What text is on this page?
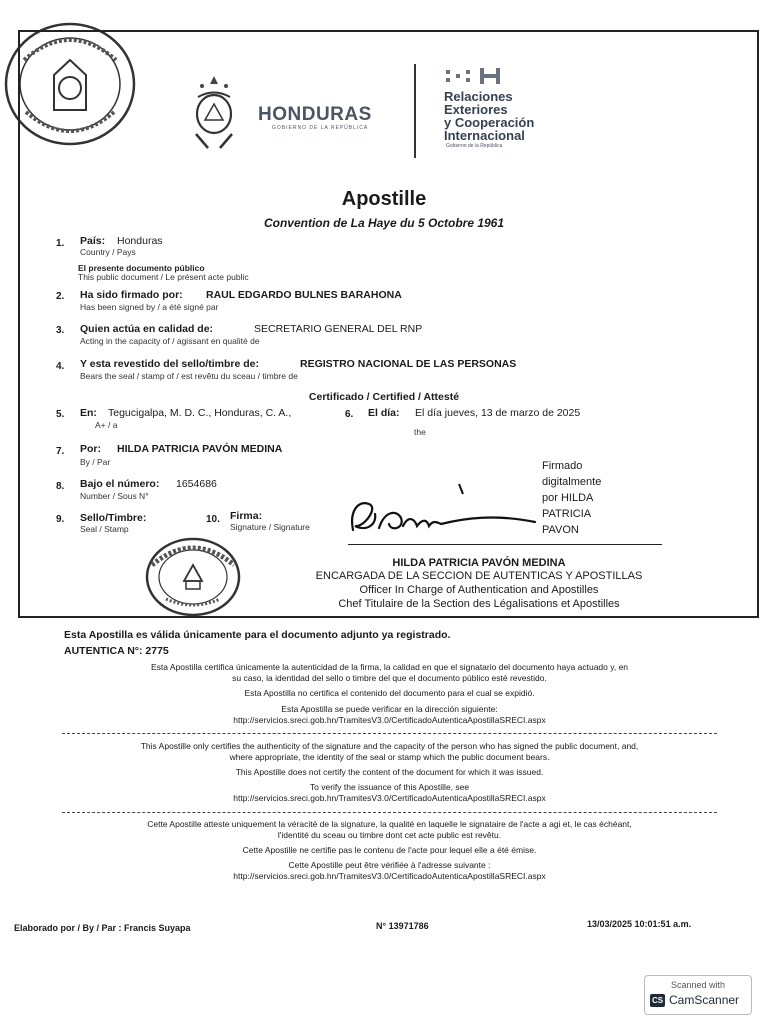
HONDURAS
GOBIERNO DE LA REPÚBLICA
Relaciones
Exteriores
y Cooperación
Internacional
Gobierno de la República
Apostille
Convention de La Haye du 5 Octobre 1961
1. País: Honduras
Country / Pays
El presente documento público
This public document / Le présent acte public
2. Ha sido firmado por: RAUL EDGARDO BULNES BARAHONA
Has been signed by / a été signé par
3. Quien actúa en calidad de:	SECRETARIO GENERAL DEL RNP
Acting in the capacity of / agissant en qualité de
4. Y esta revestido del sello/timbre de:	REGISTRO NACIONAL DE LAS PERSONAS
Bears the seal / stamp of / est revêtu du sceau / timbre de
Certificado / Certified / Attesté
5. En: Tegucigalpa, M. D. C., Honduras, C. A.,
A+ / a
6. El día: El día jueves, 13 de marzo de 2025
the
7. Por: HILDA PATRICIA PAVÓN MEDINA
By / Par
8. Bajo el número: 1654686
Number / Sous N°
9. Sello/Timbre:
Seal / Stamp
10. Firma:
Signature / Signature
Firmado
digitalmente
por HILDA
PATRICIA
PAVON
HILDA PATRICIA PAVÓN MEDINA
ENCARGADA DE LA SECCION DE AUTENTICAS Y APOSTILLAS
Officer In Charge of Authentication and Apostilles
Chef Titulaire de la Section des Légalisations et Apostilles
Esta Apostilla es válida únicamente para el documento adjunto ya registrado.
AUTENTICA N°: 2775
Esta Apostilla certifica únicamente la autenticidad de la firma, la calidad en que el signatario del documento haya actuado y, en
su caso, la identidad del sello o timbre del que el documento público esté revestido.
Esta Apostilla no certifica el contenido del documento para el cual se expidió.
Esta Apostilla se puede verificar en la dirección siguiente:
http://servicios.sreci.gob.hn/TramitesV3.0/CertificadoAutenticaApostillaSRECI.aspx
This Apostille only certifies the authenticity of the signature and the capacity of the person who has signed the public document, and,
where appropriate, the identity of the seal or stamp which the public document bears.
This Apostille does not certify the content of the document for which it was issued.
To verify the issuance of this Apostille, see
http://servicios.sreci.gob.hn/TramitesV3.0/CertificadoAutenticaApostillaSRECI.aspx
Cette Apostille atteste uniquement la véracité de la signature, la qualité en laquelle le signataire de l'acte a agi et, le cas échéant,
l'identité du sceau ou timbre dont cet acte public est revêtu.
Cette Apostille ne certifie pas le contenu de l'acte pour lequel elle a été émise.
Cette Apostille peut être vérifiée à l'adresse suivante :
http://servicios.sreci.gob.hn/TramitesV3.0/CertificadoAutenticaApostillaSRECI.aspx
Elaborado por / By / Par : Francis Suyapa	N° 13971786	13/03/2025 10:01:51 a.m.
Scanned with
CS CamScanner
